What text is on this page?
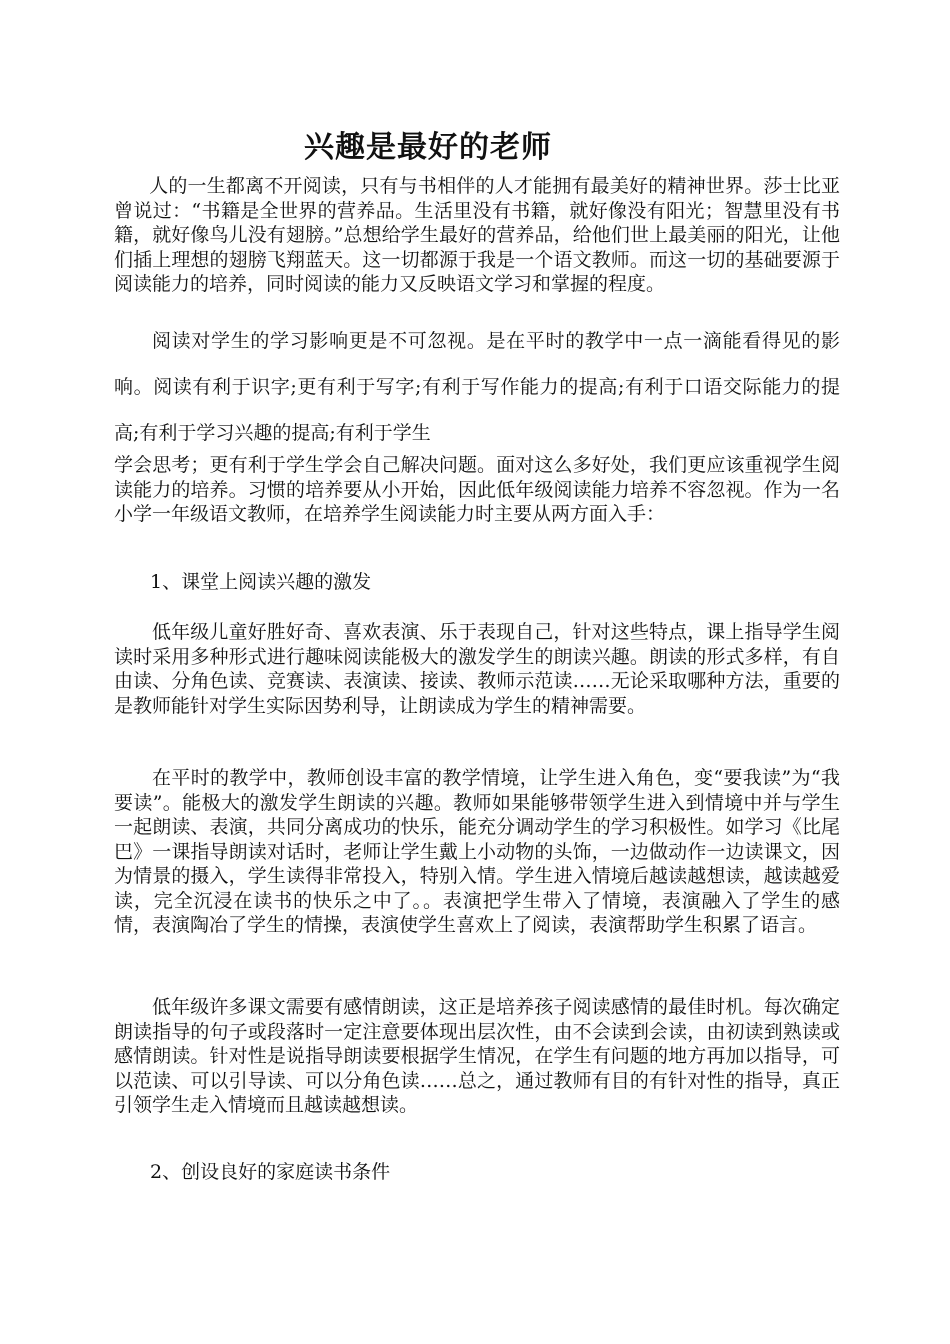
兴趣是最好的老师

人的一生都离不开阅读，只有与书相伴的人才能拥有最美好的精神世界。莎士比亚曾说过：“书籍是全世界的营养品。生活里没有书籍，就好像没有阳光；智慧里没有书籍，就好像鸟儿没有翅膀。”总想给学生最好的营养品，给他们世上最美丽的阳光，让他们插上理想的翅膀飞翔蓝天。这一切都源于我是一个语文教师。而这一切的基础要源于阅读能力的培养，同时阅读的能力又反映语文学习和掌握的程度。

阅读对学生的学习影响更是不可忽视。是在平时的教学中一点一滴能看得见的影响。阅读有利于识字;更有利于写字;有利于写作能力的提高;有利于口语交际能力的提高;有利于学习兴趣的提高;有利于学生

学会思考；更有利于学生学会自己解决问题。面对这么多好处，我们更应该重视学生阅读能力的培养。习惯的培养要从小开始，因此低年级阅读能力培养不容忽视。作为一名小学一年级语文教师，在培养学生阅读能力时主要从两方面入手：

1、课堂上阅读兴趣的激发

低年级儿童好胜好奇、喜欢表演、乐于表现自己，针对这些特点，课上指导学生阅读时采用多种形式进行趣味阅读能极大的激发学生的朗读兴趣。朗读的形式多样，有自由读、分角色读、竞赛读、表演读、接读、教师示范读……无论采取哪种方法，重要的是教师能针对学生实际因势利导，让朗读成为学生的精神需要。

在平时的教学中，教师创设丰富的教学情境，让学生进入角色，变“要我读”为“我要读”。能极大的激发学生朗读的兴趣。教师如果能够带领学生进入到情境中并与学生一起朗读、表演，共同分离成功的快乐，能充分调动学生的学习积极性。如学习《比尾巴》一课指导朗读对话时，老师让学生戴上小动物的头饰，一边做动作一边读课文，因为情景的摄入，学生读得非常投入，特别入情。学生进入情境后越读越想读，越读越爱读，完全沉浸在读书的快乐之中了。。表演把学生带入了情境，表演融入了学生的感情，表演陶冶了学生的情操，表演使学生喜欢上了阅读，表演帮助学生积累了语言。

低年级许多课文需要有感情朗读，这正是培养孩子阅读感情的最佳时机。每次确定朗读指导的句子或段落时一定注意要体现出层次性，由不会读到会读，由初读到熟读或感情朗读。针对性是说指导朗读要根据学生情况，在学生有问题的地方再加以指导，可以范读、可以引导读、可以分角色读……总之，通过教师有目的有针对性的指导，真正引领学生走入情境而且越读越想读。

2、创设良好的家庭读书条件
